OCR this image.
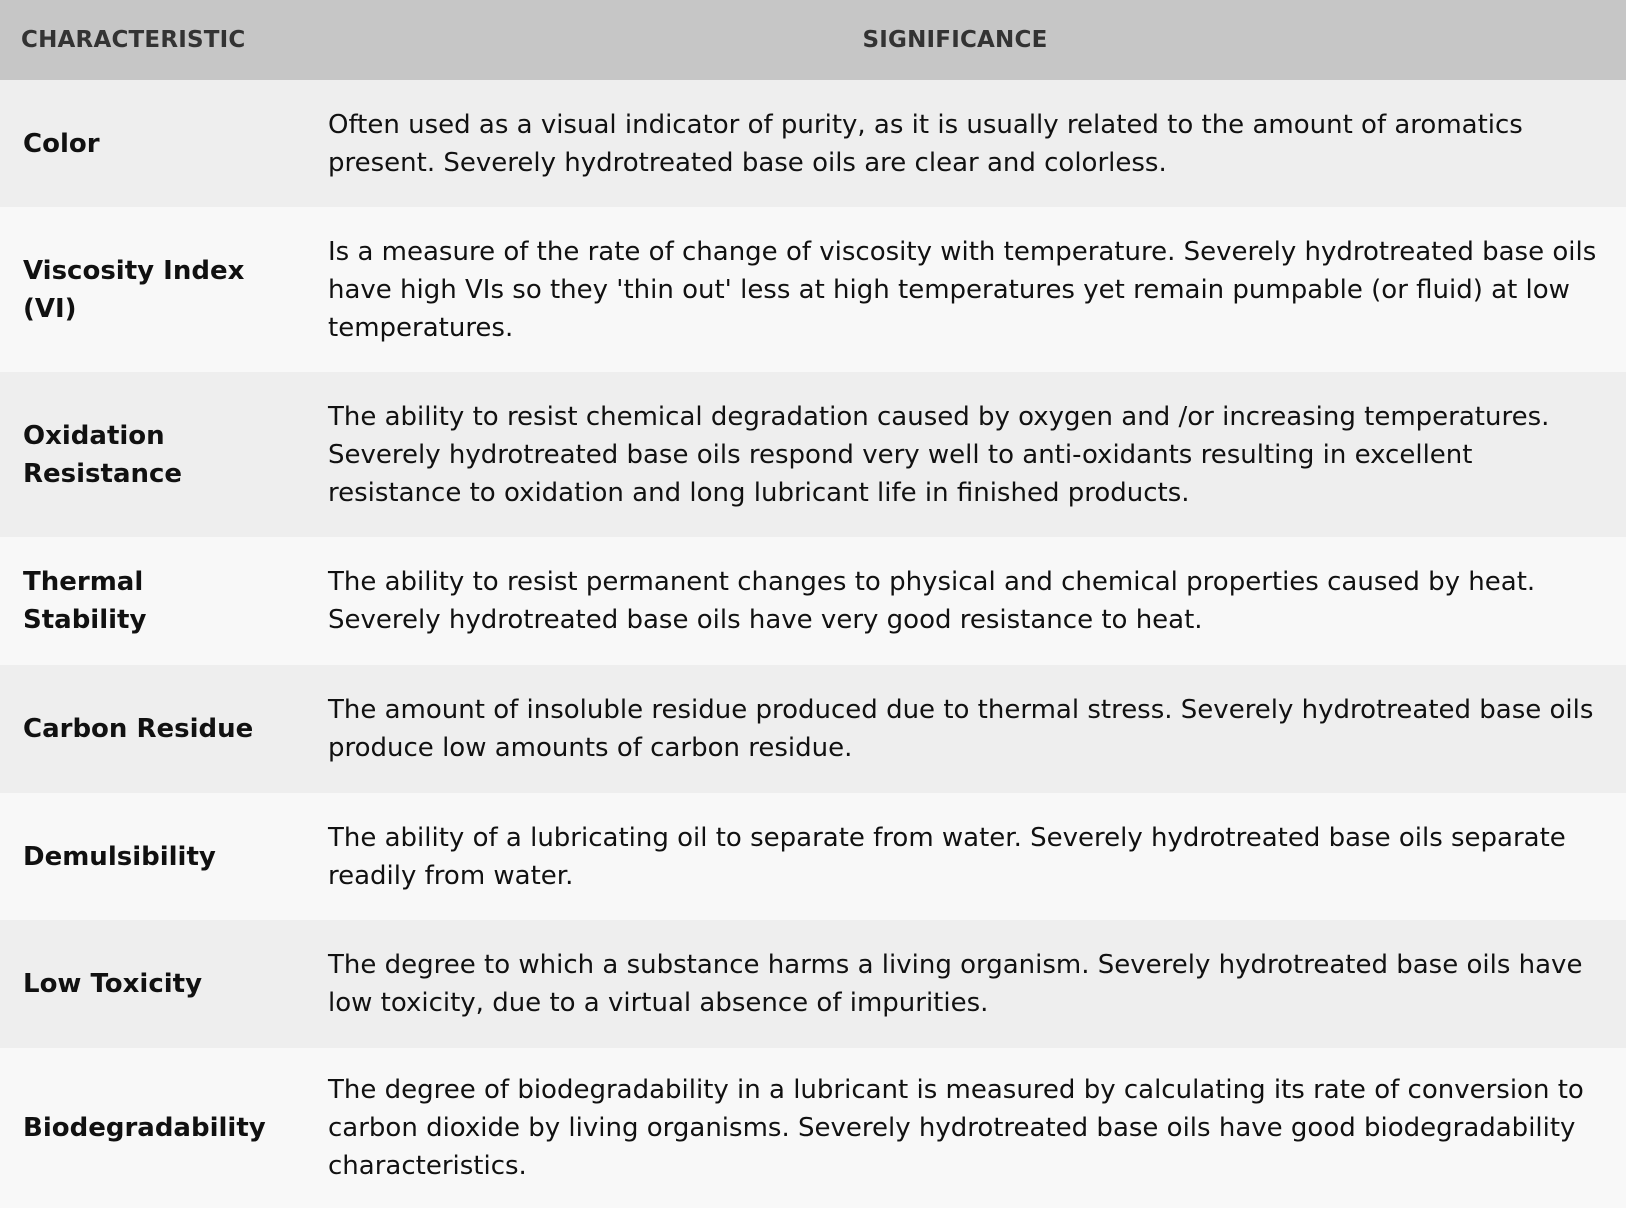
CHARACTERISTIC	SIGNIFICANCE
Color	Often used as a visual indicator of purity, as it is usually related to the amount of aromatics present. Severely hydrotreated base oils are clear and colorless.
Viscosity Index (VI)	Is a measure of the rate of change of viscosity with temperature. Severely hydrotreated base oils have high VIs so they 'thin out' less at high temperatures yet remain pumpable (or fluid) at low temperatures.
Oxidation Resistance	The ability to resist chemical degradation caused by oxygen and /or increasing temperatures. Severely hydrotreated base oils respond very well to anti-oxidants resulting in excellent resistance to oxidation and long lubricant life in finished products.
Thermal Stability	The ability to resist permanent changes to physical and chemical properties caused by heat. Severely hydrotreated base oils have very good resistance to heat.
Carbon Residue	The amount of insoluble residue produced due to thermal stress. Severely hydrotreated base oils produce low amounts of carbon residue.
Demulsibility	The ability of a lubricating oil to separate from water. Severely hydrotreated base oils separate readily from water.
Low Toxicity	The degree to which a substance harms a living organism. Severely hydrotreated base oils have low toxicity, due to a virtual absence of impurities.
Biodegradability	The degree of biodegradability in a lubricant is measured by calculating its rate of conversion to carbon dioxide by living organisms. Severely hydrotreated base oils have good biodegradability characteristics.
